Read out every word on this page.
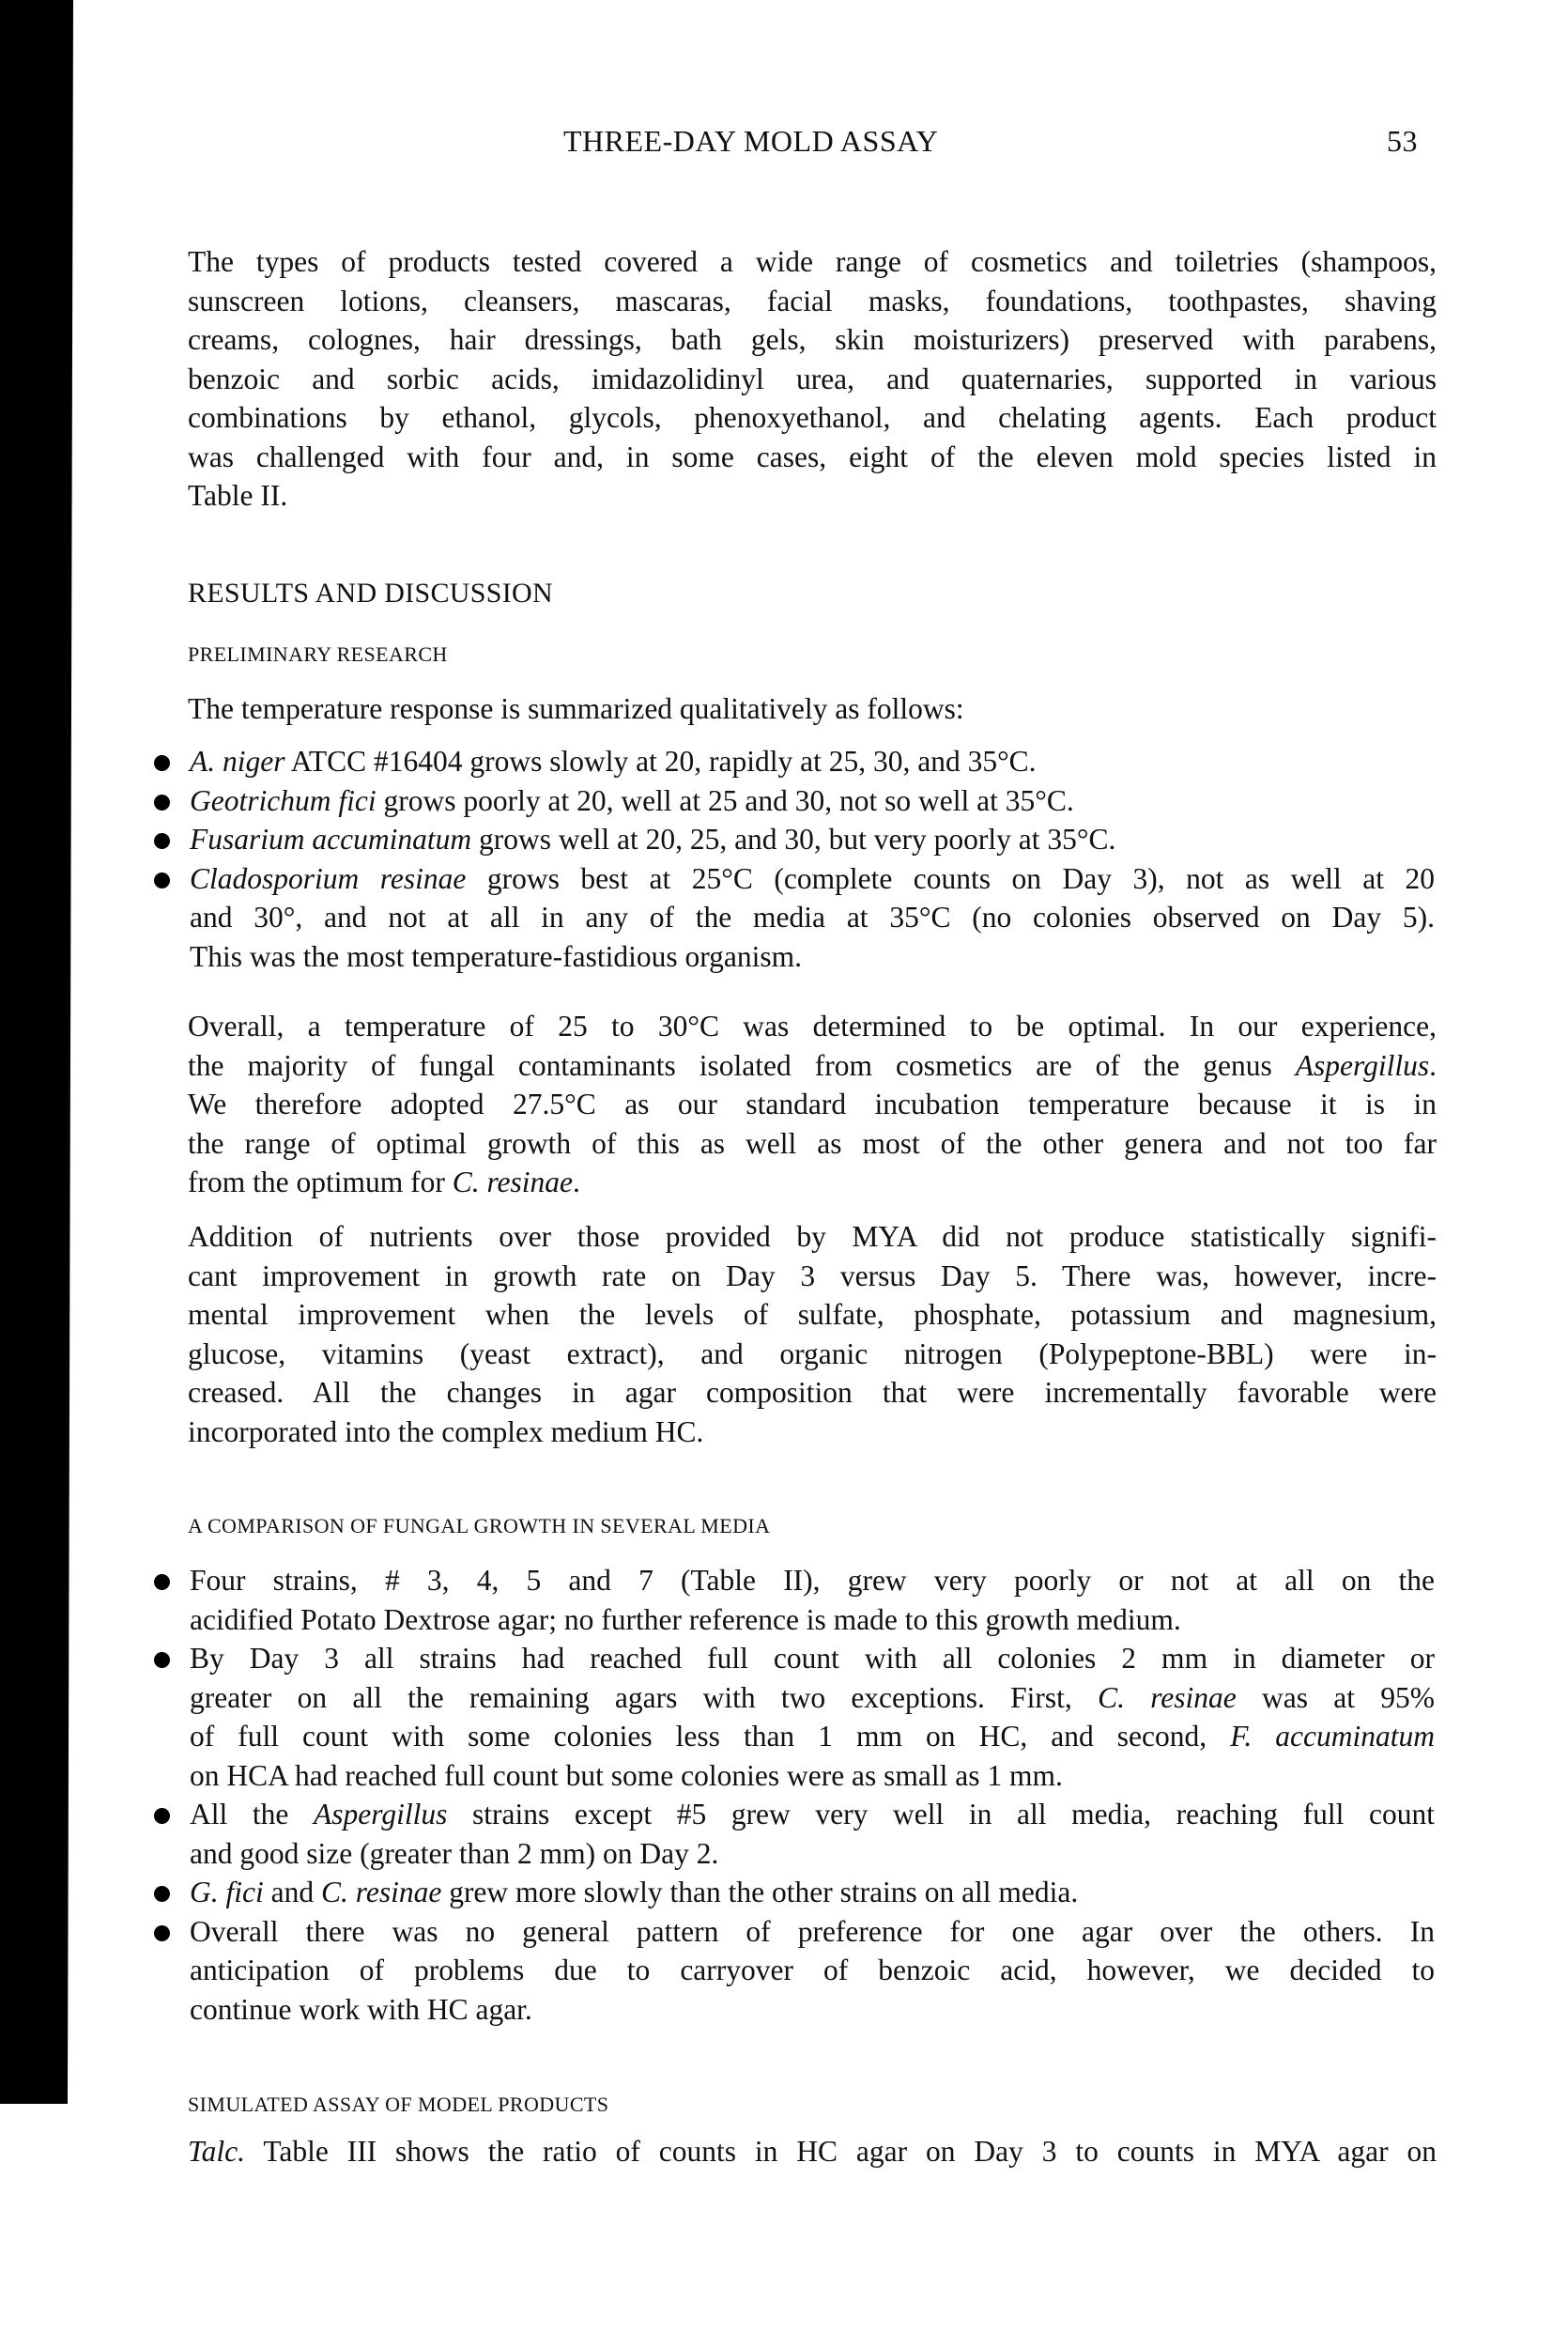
THREE-DAY MOLD ASSAY	53
The types of products tested covered a wide range of cosmetics and toiletries (shampoos,
sunscreen lotions, cleansers, mascaras, facial masks, foundations, toothpastes, shaving
creams, colognes, hair dressings, bath gels, skin moisturizers) preserved with parabens,
benzoic and sorbic acids, imidazolidinyl urea, and quaternaries, supported in various
combinations by ethanol, glycols, phenoxyethanol, and chelating agents. Each product
was challenged with four and, in some cases, eight of the eleven mold species listed in
Table II.
RESULTS AND DISCUSSION
PRELIMINARY RESEARCH
The temperature response is summarized qualitatively as follows:
A. niger ATCC #16404 grows slowly at 20, rapidly at 25, 30, and 35°C.
Geotrichum fici grows poorly at 20, well at 25 and 30, not so well at 35°C.
Fusarium accuminatum grows well at 20, 25, and 30, but very poorly at 35°C.
Cladosporium resinae grows best at 25°C (complete counts on Day 3), not as well at 20
and 30°, and not at all in any of the media at 35°C (no colonies observed on Day 5).
This was the most temperature-fastidious organism.
Overall, a temperature of 25 to 30°C was determined to be optimal. In our experience,
the majority of fungal contaminants isolated from cosmetics are of the genus Aspergillus.
We therefore adopted 27.5°C as our standard incubation temperature because it is in
the range of optimal growth of this as well as most of the other genera and not too far
from the optimum for C. resinae.
Addition of nutrients over those provided by MYA did not produce statistically signifi-
cant improvement in growth rate on Day 3 versus Day 5. There was, however, incre-
mental improvement when the levels of sulfate, phosphate, potassium and magnesium,
glucose, vitamins (yeast extract), and organic nitrogen (Polypeptone-BBL) were in-
creased. All the changes in agar composition that were incrementally favorable were
incorporated into the complex medium HC.
A COMPARISON OF FUNGAL GROWTH IN SEVERAL MEDIA
Four strains, # 3, 4, 5 and 7 (Table II), grew very poorly or not at all on the
acidified Potato Dextrose agar; no further reference is made to this growth medium.
By Day 3 all strains had reached full count with all colonies 2 mm in diameter or
greater on all the remaining agars with two exceptions. First, C. resinae was at 95%
of full count with some colonies less than 1 mm on HC, and second, F. accuminatum
on HCA had reached full count but some colonies were as small as 1 mm.
All the Aspergillus strains except #5 grew very well in all media, reaching full count
and good size (greater than 2 mm) on Day 2.
G. fici and C. resinae grew more slowly than the other strains on all media.
Overall there was no general pattern of preference for one agar over the others. In
anticipation of problems due to carryover of benzoic acid, however, we decided to
continue work with HC agar.
SIMULATED ASSAY OF MODEL PRODUCTS
Talc. Table III shows the ratio of counts in HC agar on Day 3 to counts in MYA agar on
